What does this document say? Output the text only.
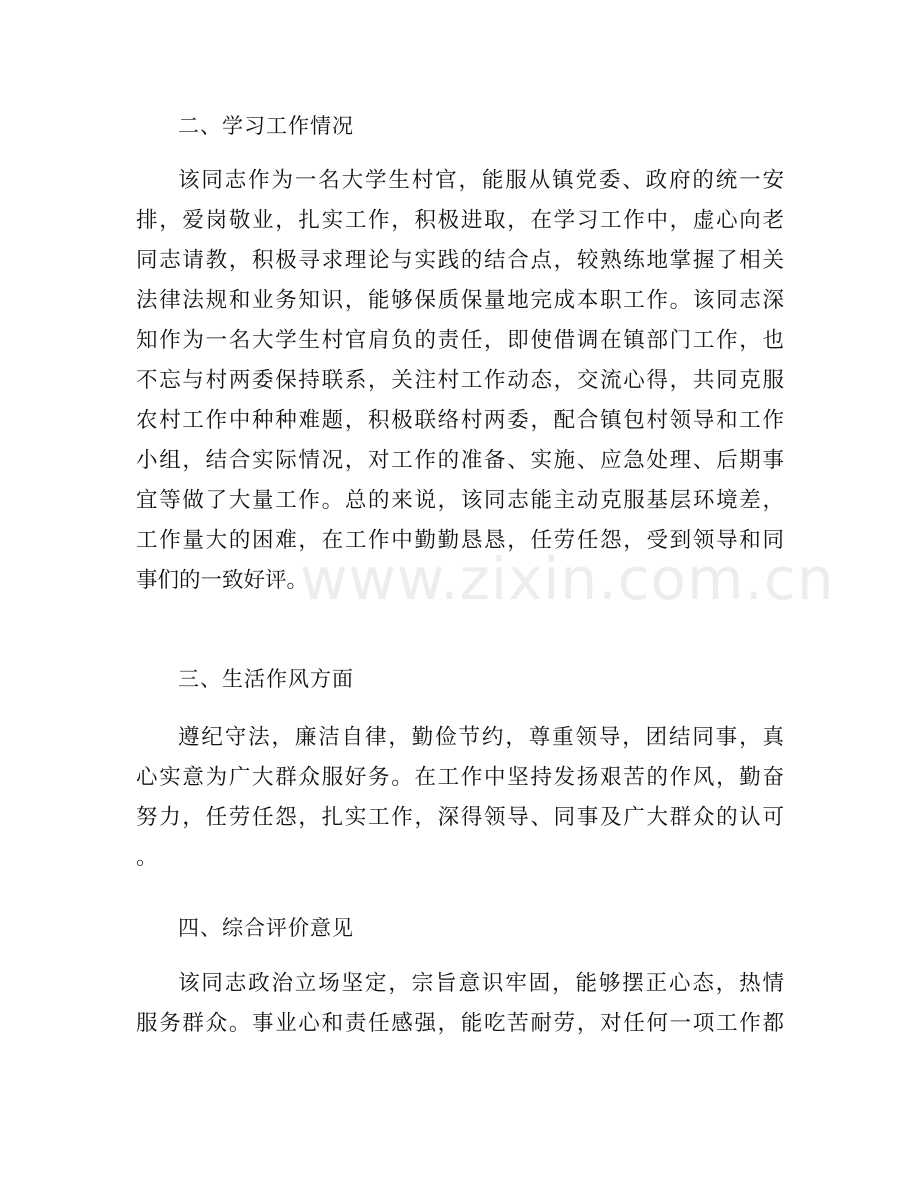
二、学习工作情况
该同志作为一名大学生村官，能服从镇党委、政府的统一安
排，爱岗敬业，扎实工作，积极进取，在学习工作中，虚心向老
同志请教，积极寻求理论与实践的结合点，较熟练地掌握了相关
法律法规和业务知识，能够保质保量地完成本职工作。该同志深
知作为一名大学生村官肩负的责任，即使借调在镇部门工作，也
不忘与村两委保持联系，关注村工作动态，交流心得，共同克服
农村工作中种种难题，积极联络村两委，配合镇包村领导和工作
小组，结合实际情况，对工作的准备、实施、应急处理、后期事
宜等做了大量工作。总的来说，该同志能主动克服基层环境差，
工作量大的困难，在工作中勤勤恳恳，任劳任怨，受到领导和同
事们的一致好评。
三、生活作风方面
遵纪守法，廉洁自律，勤俭节约，尊重领导，团结同事，真
心实意为广大群众服好务。在工作中坚持发扬艰苦的作风，勤奋
努力，任劳任怨，扎实工作，深得领导、同事及广大群众的认可
。
四、综合评价意见
该同志政治立场坚定，宗旨意识牢固，能够摆正心态，热情
服务群众。事业心和责任感强，能吃苦耐劳，对任何一项工作都
www.zixin.com.cn
